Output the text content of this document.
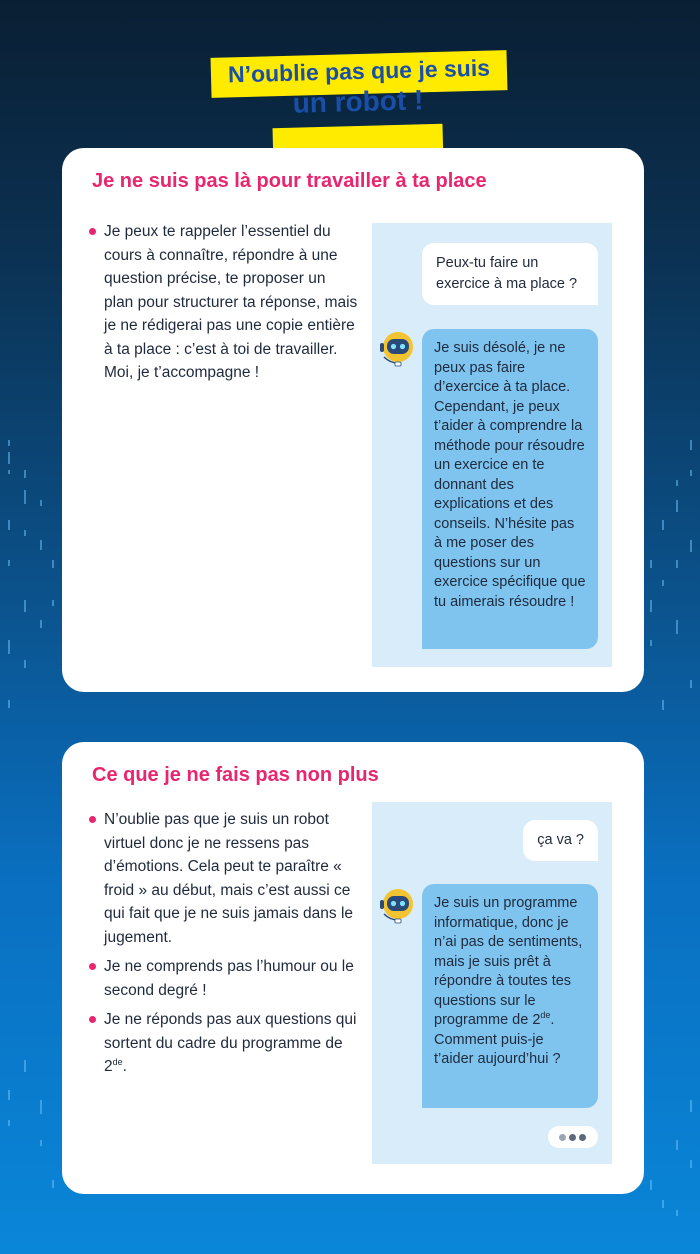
N’oublie pas que je suis
un robot !
Je ne suis pas là pour travailler à ta place
Je peux te rappeler l’essentiel du cours à connaître, répondre à une question précise, te proposer un plan pour structurer ta réponse, mais je ne rédigerai pas une copie entière à ta place : c’est à toi de travailler. Moi, je t’accompagne !
Peux-tu faire un exercice à ma place ?
Je suis désolé, je ne peux pas faire d’exercice à ta place. Cependant, je peux t’aider à comprendre la méthode pour résoudre un exercice en te donnant des explications et des conseils. N’hésite pas à me poser des questions sur un exercice spécifique que tu aimerais résoudre !
Ce que je ne fais pas non plus
N’oublie pas que je suis un robot virtuel donc je ne ressens pas d’émotions. Cela peut te paraître « froid » au début, mais c’est aussi ce qui fait que je ne suis jamais dans le jugement.
Je ne comprends pas l’humour ou le second degré !
Je ne réponds pas aux questions qui sortent du cadre du programme de 2de.
ça va ?
Je suis un programme informatique, donc je n’ai pas de sentiments, mais je suis prêt à répondre à toutes tes questions sur le programme de 2de. Comment puis-je t’aider aujourd’hui ?
